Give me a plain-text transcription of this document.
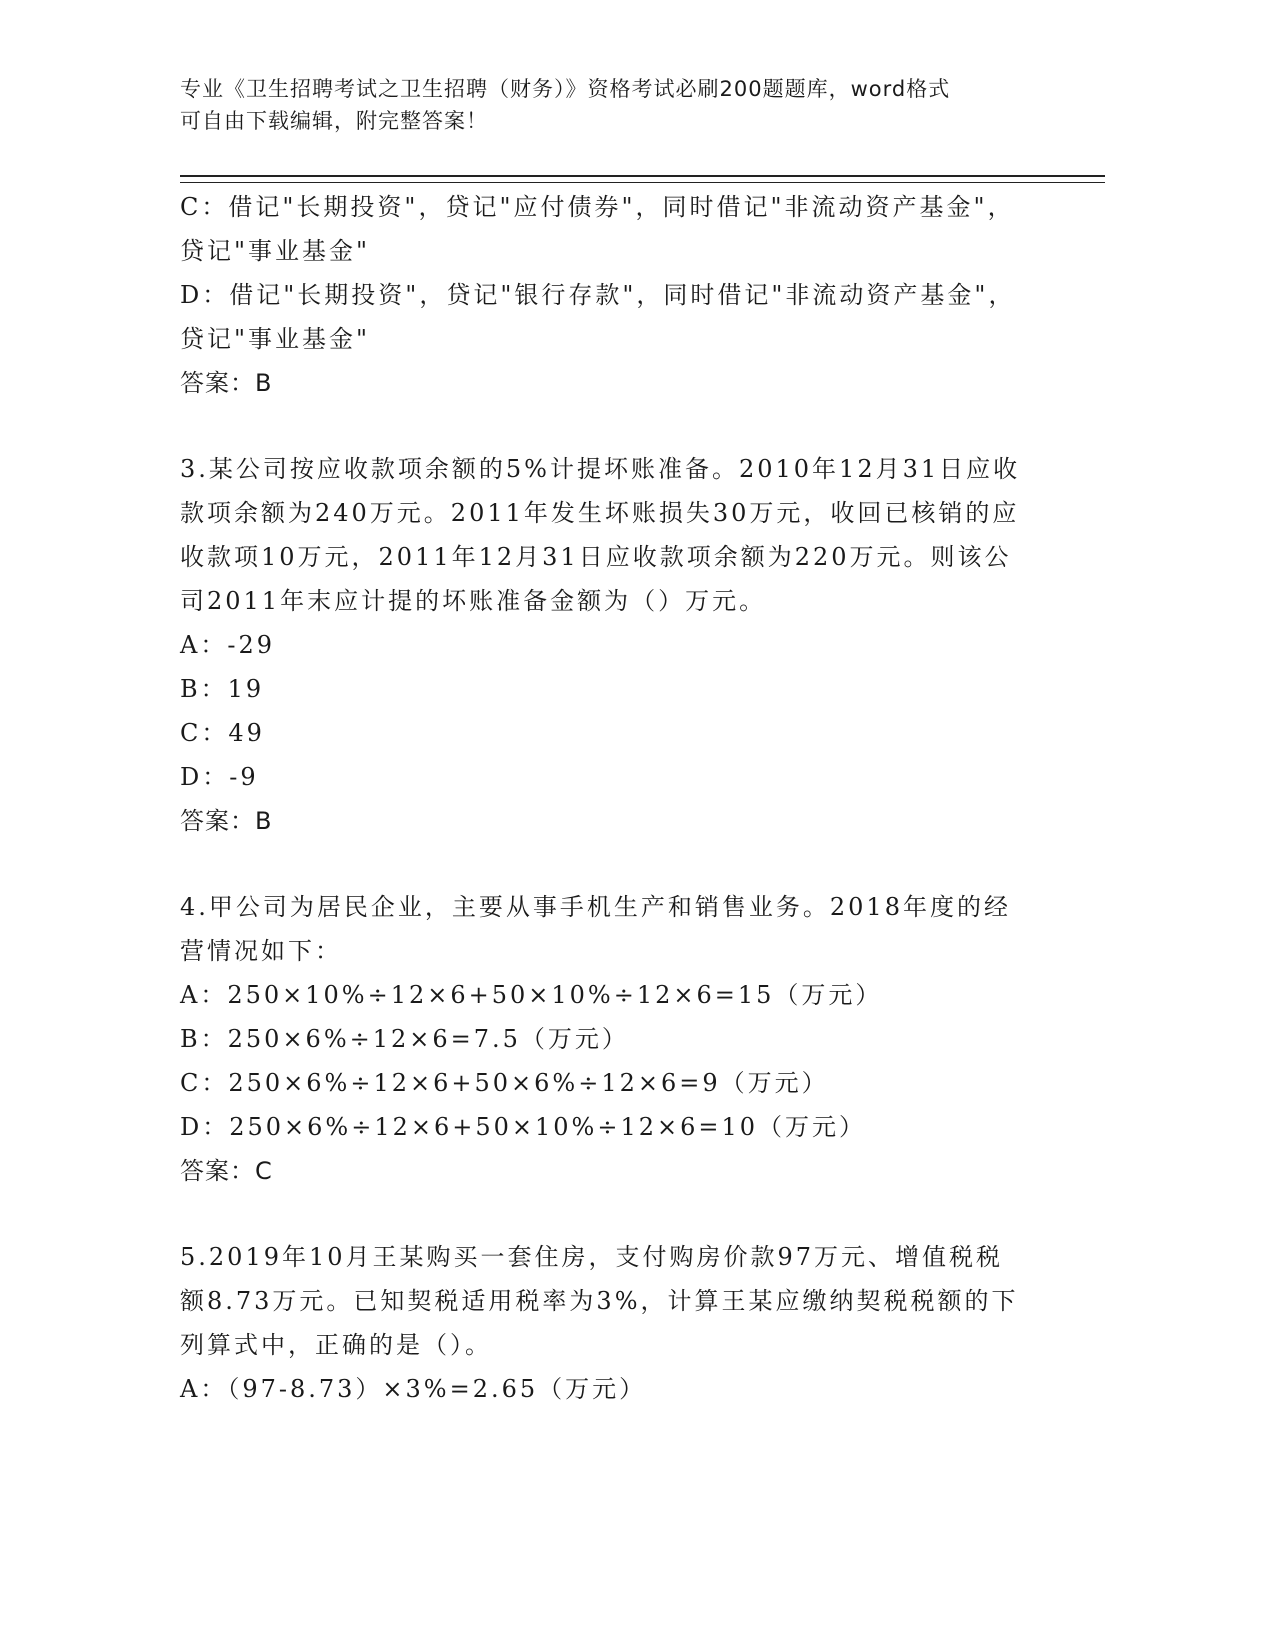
专业《卫生招聘考试之卫生招聘（财务）》资格考试必刷200题题库，word格式
可自由下载编辑，附完整答案！
C：借记"长期投资"，贷记"应付债券"，同时借记"非流动资产基金"，
贷记"事业基金"
D：借记"长期投资"，贷记"银行存款"，同时借记"非流动资产基金"，
贷记"事业基金"
答案：B
3.某公司按应收款项余额的5%计提坏账准备。2010年12月31日应收
款项余额为240万元。2011年发生坏账损失30万元，收回已核销的应
收款项10万元，2011年12月31日应收款项余额为220万元。则该公
司2011年末应计提的坏账准备金额为（）万元。
A：-29
B：19
C：49
D：-9
答案：B
4.甲公司为居民企业，主要从事手机生产和销售业务。2018年度的经
营情况如下：
A：250×10%÷12×6+50×10%÷12×6=15（万元）
B：250×6%÷12×6=7.5（万元）
C：250×6%÷12×6+50×6%÷12×6=9（万元）
D：250×6%÷12×6+50×10%÷12×6=10（万元）
答案：C
5.2019年10月王某购买一套住房，支付购房价款97万元、增值税税
额8.73万元。已知契税适用税率为3%，计算王某应缴纳契税税额的下
列算式中，正确的是（）。
A：（97-8.73）×3%=2.65（万元）
